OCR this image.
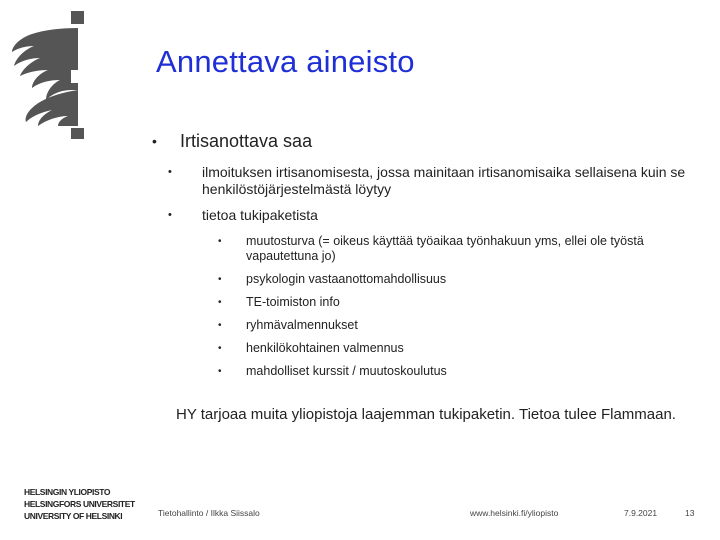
Annettava aineisto
• Irtisanottava saa
• ilmoituksen irtisanomisesta, jossa mainitaan irtisanomisaika sellaisena kuin se henkilöstöjärjestelmästä löytyy
• tietoa tukipaketista
• muutosturva (= oikeus käyttää työaikaa työnhakuun yms, ellei ole työstä vapautettuna jo)
• psykologin vastaanottomahdollisuus
• TE-toimiston info
• ryhmävalmennukset
• henkilökohtainen valmennus
• mahdolliset kurssit / muutoskoulutus
HY tarjoaa muita yliopistoja laajemman tukipaketin. Tietoa tulee Flammaan.
HELSINGIN YLIOPISTO
HELSINGFORS UNIVERSITET
UNIVERSITY OF HELSINKI	Tietohallinto / Ilkka Siissalo	www.helsinki.fi/yliopisto	7.9.2021	13
